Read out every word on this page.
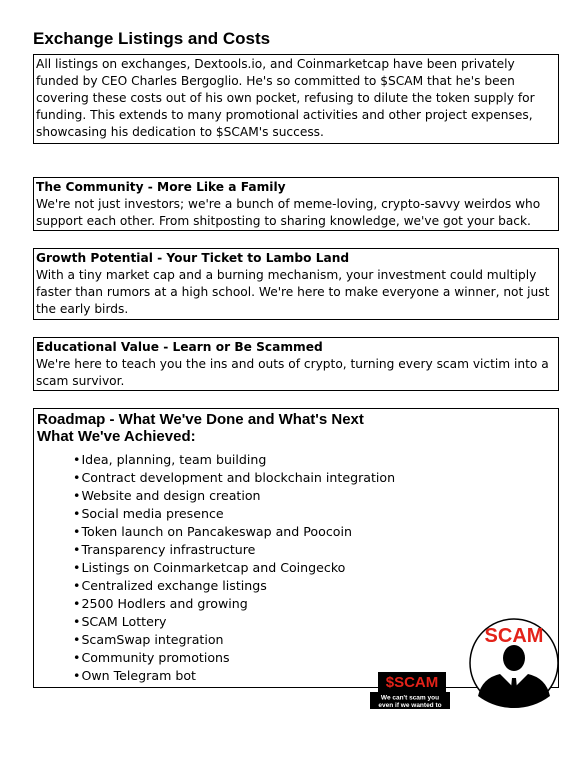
Exchange Listings and Costs
All listings on exchanges, Dextools.io, and Coinmarketcap have been privately funded by CEO Charles Bergoglio. He's so committed to $SCAM that he's been covering these costs out of his own pocket, refusing to dilute the token supply for funding. This extends to many promotional activities and other project expenses, showcasing his dedication to $SCAM's success.
The Community - More Like a Family
We're not just investors; we're a bunch of meme-loving, crypto-savvy weirdos who support each other. From shitposting to sharing knowledge, we've got your back.
Growth Potential - Your Ticket to Lambo Land
With a tiny market cap and a burning mechanism, your investment could multiply faster than rumors at a high school. We're here to make everyone a winner, not just the early birds.
Educational Value - Learn or Be Scammed
We're here to teach you the ins and outs of crypto, turning every scam victim into a scam survivor.
Roadmap - What We've Done and What's Next
What We've Achieved:
• Idea, planning, team building
• Contract development and blockchain integration
• Website and design creation
• Social media presence
• Token launch on Pancakeswap and Poocoin
• Transparency infrastructure
• Listings on Coinmarketcap and Coingecko
• Centralized exchange listings
• 2500 Hodlers and growing
• SCAM Lottery
• ScamSwap integration
• Community promotions
• Own Telegram bot
SCAM
$SCAM
We can't scam you
even if we wanted to
